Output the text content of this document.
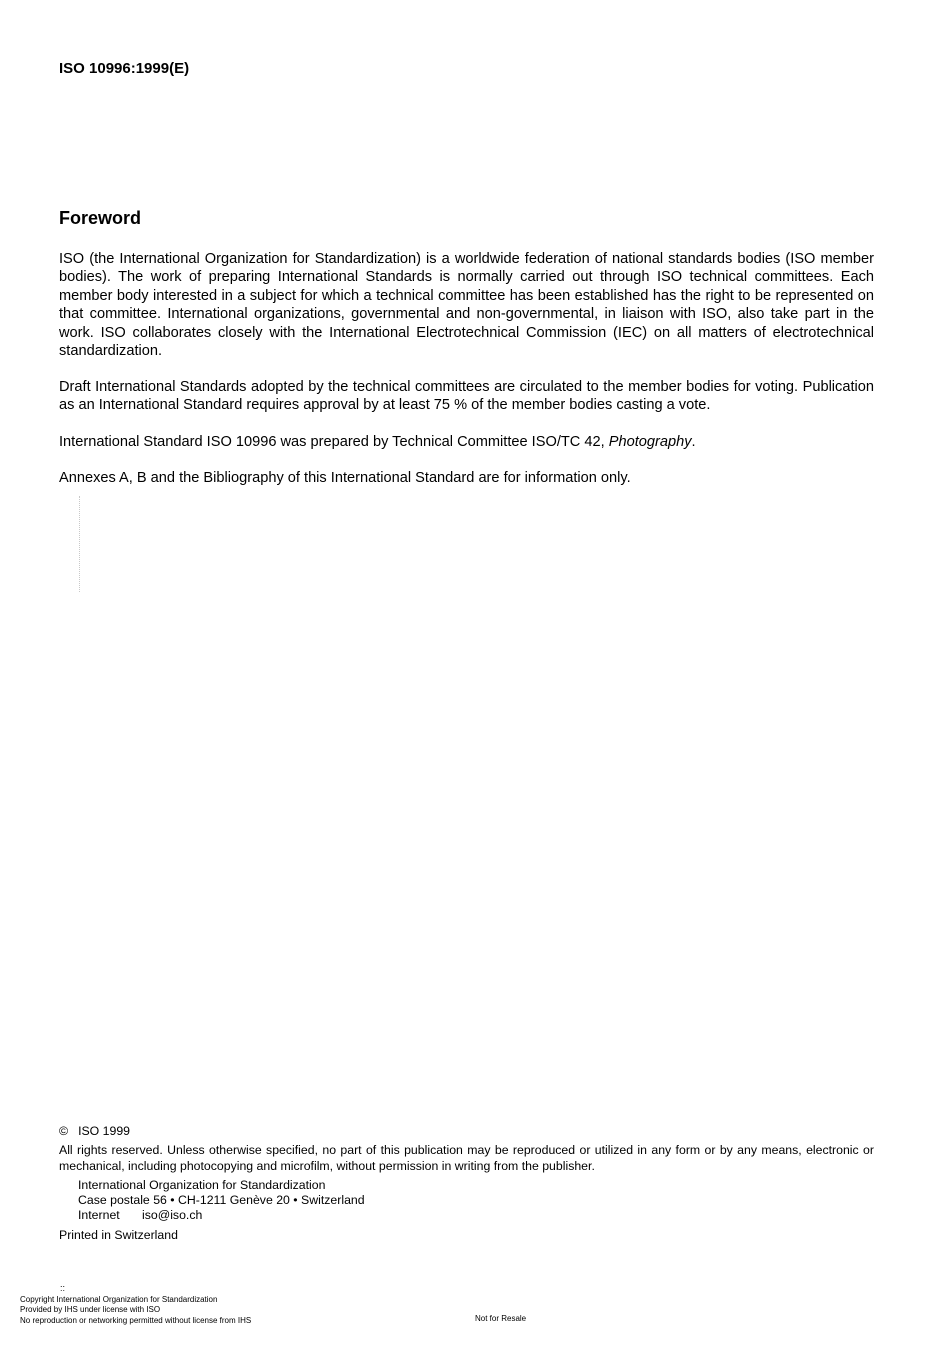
ISO 10996:1999(E)
Foreword

ISO (the International Organization for Standardization) is a worldwide federation of national standards bodies (ISO member bodies). The work of preparing International Standards is normally carried out through ISO technical committees. Each member body interested in a subject for which a technical committee has been established has the right to be represented on that committee. International organizations, governmental and non-governmental, in liaison with ISO, also take part in the work. ISO collaborates closely with the International Electrotechnical Commission (IEC) on all matters of electrotechnical standardization.

Draft International Standards adopted by the technical committees are circulated to the member bodies for voting. Publication as an International Standard requires approval by at least 75 % of the member bodies casting a vote.

International Standard ISO 10996 was prepared by Technical Committee ISO/TC 42, Photography.

Annexes A, B and the Bibliography of this International Standard are for information only.

© ISO 1999

All rights reserved. Unless otherwise specified, no part of this publication may be reproduced or utilized in any form or by any means, electronic or mechanical, including photocopying and microfilm, without permission in writing from the publisher.

International Organization for Standardization
Case postale 56 • CH-1211 Genève 20 • Switzerland
Internet iso@iso.ch
Printed in Switzerland
::
Copyright International Organization for Standardization
Provided by IHS under license with ISO
No reproduction or networking permitted without license from IHS	Not for Resale
